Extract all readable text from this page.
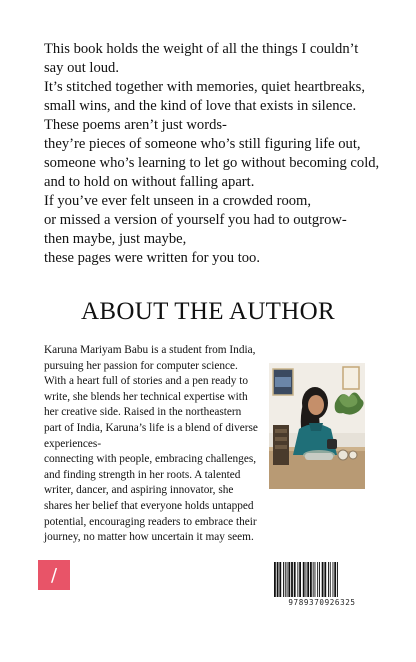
This book holds the weight of all the things I couldn’t
say out loud.
It’s stitched together with memories, quiet heartbreaks,
small wins, and the kind of love that exists in silence.
These poems aren’t just words-
they’re pieces of someone who’s still figuring life out,
someone who’s learning to let go without becoming cold,
and to hold on without falling apart.
If you’ve ever felt unseen in a crowded room,
or missed a version of yourself you had to outgrow-
then maybe, just maybe,
these pages were written for you too.
ABOUT THE AUTHOR
Karuna Mariyam Babu is a student from India,
pursuing her passion for computer science.
With a heart full of stories and a pen ready to
write, she blends her technical expertise with
her creative side. Raised in the northeastern
part of India, Karuna’s life is a blend of diverse
experiences-
connecting with people, embracing challenges,
and finding strength in her roots. A talented
writer, dancer, and aspiring innovator, she
shares her belief that everyone holds untapped
potential, encouraging readers to embrace their
journey, no matter how uncertain it may seem.
/
9789370926325
